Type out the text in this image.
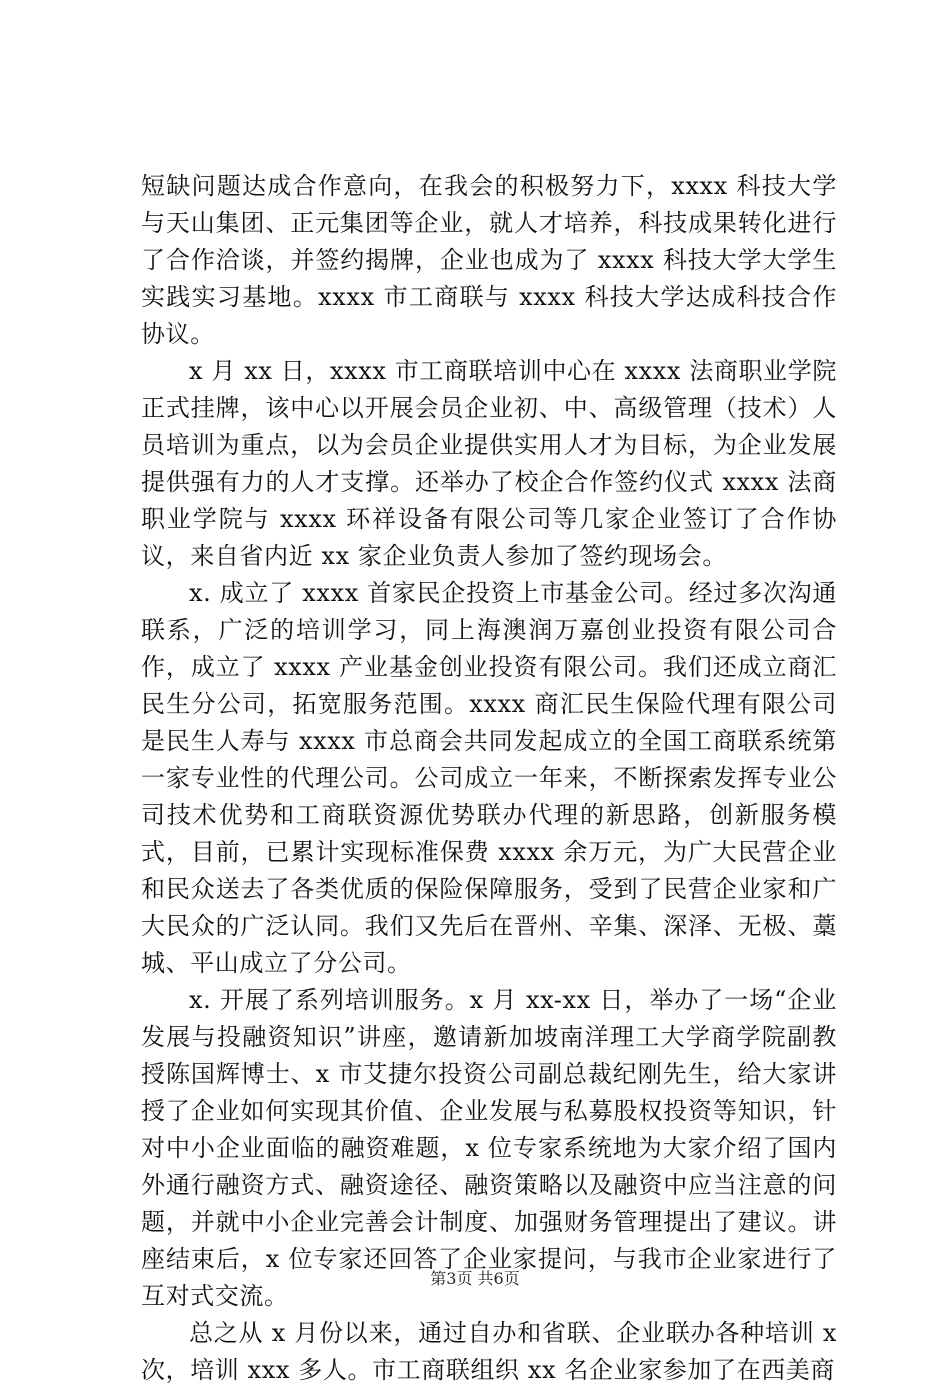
短缺问题达成合作意向，在我会的积极努力下，xxxx 科技大学与天山集团、正元集团等企业，就人才培养，科技成果转化进行了合作洽谈，并签约揭牌，企业也成为了 xxxx 科技大学大学生实践实习基地。xxxx 市工商联与 xxxx 科技大学达成科技合作协议。

x 月 xx 日，xxxx 市工商联培训中心在 xxxx 法商职业学院正式挂牌，该中心以开展会员企业初、中、高级管理（技术）人员培训为重点，以为会员企业提供实用人才为目标，为企业发展提供强有力的人才支撑。还举办了校企合作签约仪式 xxxx 法商职业学院与 xxxx 环祥设备有限公司等几家企业签订了合作协议，来自省内近 xx 家企业负责人参加了签约现场会。

x. 成立了 xxxx 首家民企投资上市基金公司。经过多次沟通联系，广泛的培训学习，同上海澳润万嘉创业投资有限公司合作，成立了 xxxx 产业基金创业投资有限公司。我们还成立商汇民生分公司，拓宽服务范围。xxxx 商汇民生保险代理有限公司是民生人寿与 xxxx 市总商会共同发起成立的全国工商联系统第一家专业性的代理公司。公司成立一年来，不断探索发挥专业公司技术优势和工商联资源优势联办代理的新思路，创新服务模式，目前，已累计实现标准保费 xxxx 余万元，为广大民营企业和民众送去了各类优质的保险保障服务，受到了民营企业家和广大民众的广泛认同。我们又先后在晋州、辛集、深泽、无极、藁城、平山成立了分公司。

x. 开展了系列培训服务。x 月 xx-xx 日，举办了一场“企业发展与投融资知识”讲座，邀请新加坡南洋理工大学商学院副教授陈国辉博士、x 市艾捷尔投资公司副总裁纪刚先生，给大家讲授了企业如何实现其价值、企业发展与私募股权投资等知识，针对中小企业面临的融资难题，x 位专家系统地为大家介绍了国内外通行融资方式、融资途径、融资策略以及融资中应当注意的问题，并就中小企业完善会计制度、加强财务管理提出了建议。讲座结束后，x 位专家还回答了企业家提问，与我市企业家进行了互对式交流。

总之从 x 月份以来，通过自办和省联、企业联办各种培训 x 次，培训 xxx 多人。市工商联组织 xx 名企业家参加了在西美商

第3页 共6页
